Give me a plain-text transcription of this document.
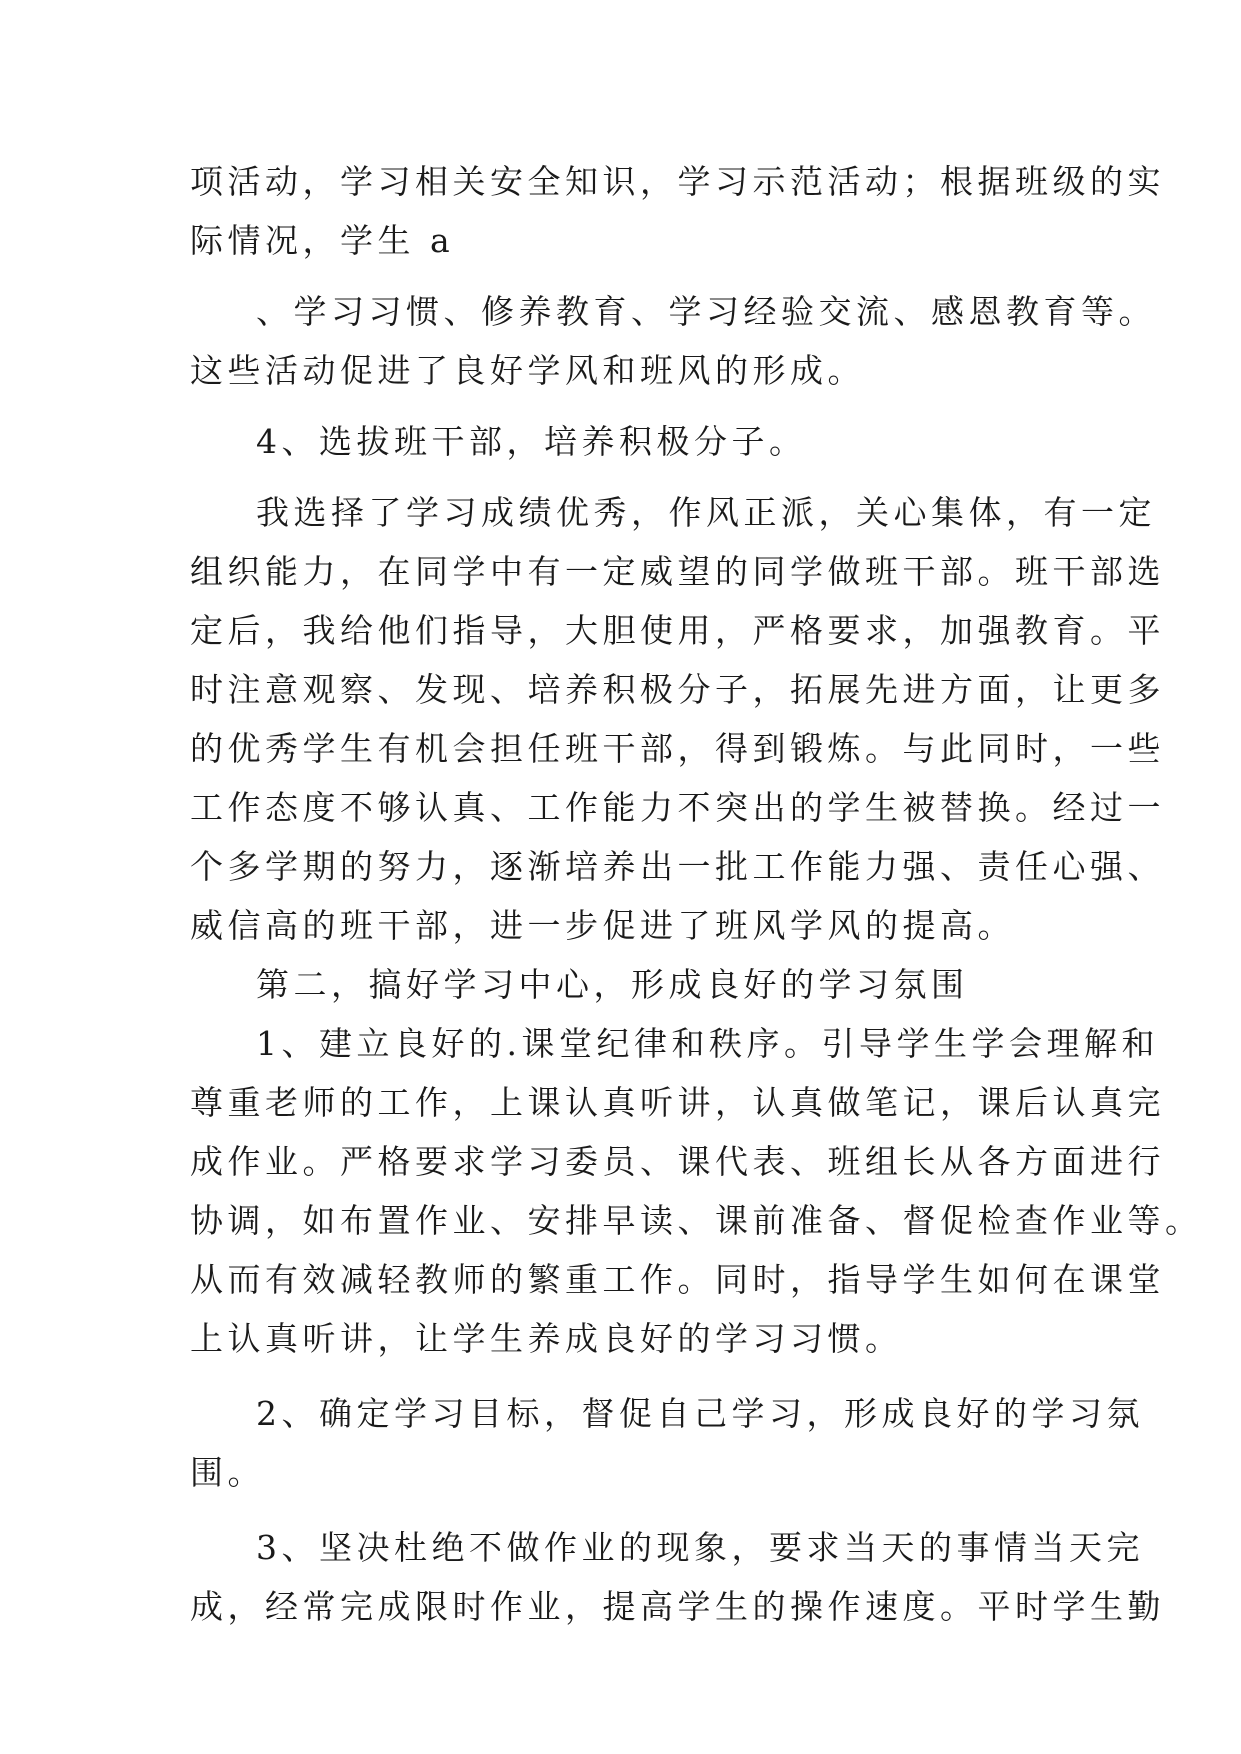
项活动，学习相关安全知识，学习示范活动；根据班级的实
际情况，学生 a
、学习习惯、修养教育、学习经验交流、感恩教育等。
这些活动促进了良好学风和班风的形成。
4、选拔班干部，培养积极分子。
我选择了学习成绩优秀，作风正派，关心集体，有一定
组织能力，在同学中有一定威望的同学做班干部。班干部选
定后，我给他们指导，大胆使用，严格要求，加强教育。平
时注意观察、发现、培养积极分子，拓展先进方面，让更多
的优秀学生有机会担任班干部，得到锻炼。与此同时，一些
工作态度不够认真、工作能力不突出的学生被替换。经过一
个多学期的努力，逐渐培养出一批工作能力强、责任心强、
威信高的班干部，进一步促进了班风学风的提高。
第二，搞好学习中心，形成良好的学习氛围
1、建立良好的.课堂纪律和秩序。引导学生学会理解和
尊重老师的工作，上课认真听讲，认真做笔记，课后认真完
成作业。严格要求学习委员、课代表、班组长从各方面进行
协调，如布置作业、安排早读、课前准备、督促检查作业等。
从而有效减轻教师的繁重工作。同时，指导学生如何在课堂
上认真听讲，让学生养成良好的学习习惯。
2、确定学习目标，督促自己学习，形成良好的学习氛
围。
3、坚决杜绝不做作业的现象，要求当天的事情当天完
成，经常完成限时作业，提高学生的操作速度。平时学生勤
